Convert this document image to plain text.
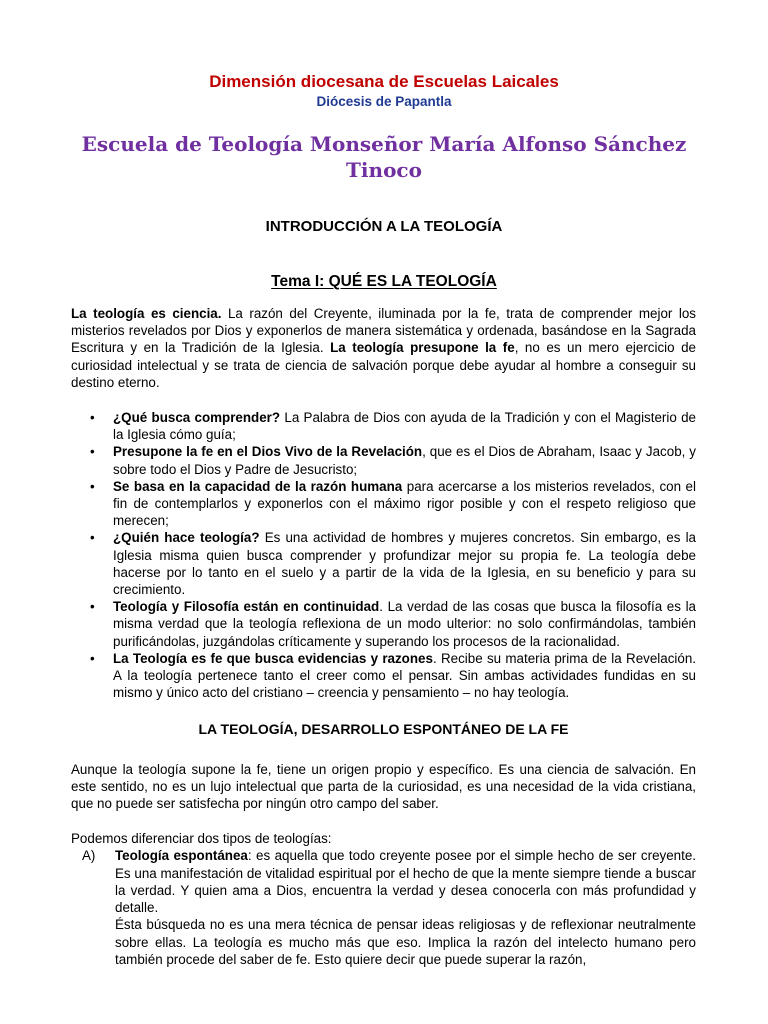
Dimensión diocesana de Escuelas Laicales

Diócesis de Papantla

Escuela de Teología Monseñor María Alfonso Sánchez Tinoco

INTRODUCCIÓN A LA TEOLOGÍA

Tema I: QUÉ ES LA TEOLOGÍA

La teología es ciencia. La razón del Creyente, iluminada por la fe, trata de comprender mejor los misterios revelados por Dios y exponerlos de manera sistemática y ordenada, basándose en la Sagrada Escritura y en la Tradición de la Iglesia. La teología presupone la fe, no es un mero ejercicio de curiosidad intelectual y se trata de ciencia de salvación porque debe ayudar al hombre a conseguir su destino eterno.

• ¿Qué busca comprender? La Palabra de Dios con ayuda de la Tradición y con el Magisterio de la Iglesia cómo guía;
• Presupone la fe en el Dios Vivo de la Revelación, que es el Dios de Abraham, Isaac y Jacob, y sobre todo el Dios y Padre de Jesucristo;
• Se basa en la capacidad de la razón humana para acercarse a los misterios revelados, con el fin de contemplarlos y exponerlos con el máximo rigor posible y con el respeto religioso que merecen;
• ¿Quién hace teología? Es una actividad de hombres y mujeres concretos. Sin embargo, es la Iglesia misma quien busca comprender y profundizar mejor su propia fe. La teología debe hacerse por lo tanto en el suelo y a partir de la vida de la Iglesia, en su beneficio y para su crecimiento.
• Teología y Filosofía están en continuidad. La verdad de las cosas que busca la filosofía es la misma verdad que la teología reflexiona de un modo ulterior: no solo confirmándolas, también purificándolas, juzgándolas críticamente y superando los procesos de la racionalidad.
• La Teología es fe que busca evidencias y razones. Recibe su materia prima de la Revelación. A la teología pertenece tanto el creer como el pensar. Sin ambas actividades fundidas en su mismo y único acto del cristiano – creencia y pensamiento – no hay teología.

LA TEOLOGÍA, DESARROLLO ESPONTÁNEO DE LA FE

Aunque la teología supone la fe, tiene un origen propio y específico. Es una ciencia de salvación. En este sentido, no es un lujo intelectual que parta de la curiosidad, es una necesidad de la vida cristiana, que no puede ser satisfecha por ningún otro campo del saber.

Podemos diferenciar dos tipos de teologías:

A) Teología espontánea: es aquella que todo creyente posee por el simple hecho de ser creyente. Es una manifestación de vitalidad espiritual por el hecho de que la mente siempre tiende a buscar la verdad. Y quien ama a Dios, encuentra la verdad y desea conocerla con más profundidad y detalle.
Ésta búsqueda no es una mera técnica de pensar ideas religiosas y de reflexionar neutralmente sobre ellas. La teología es mucho más que eso. Implica la razón del intelecto humano pero también procede del saber de fe. Esto quiere decir que puede superar la razón,
